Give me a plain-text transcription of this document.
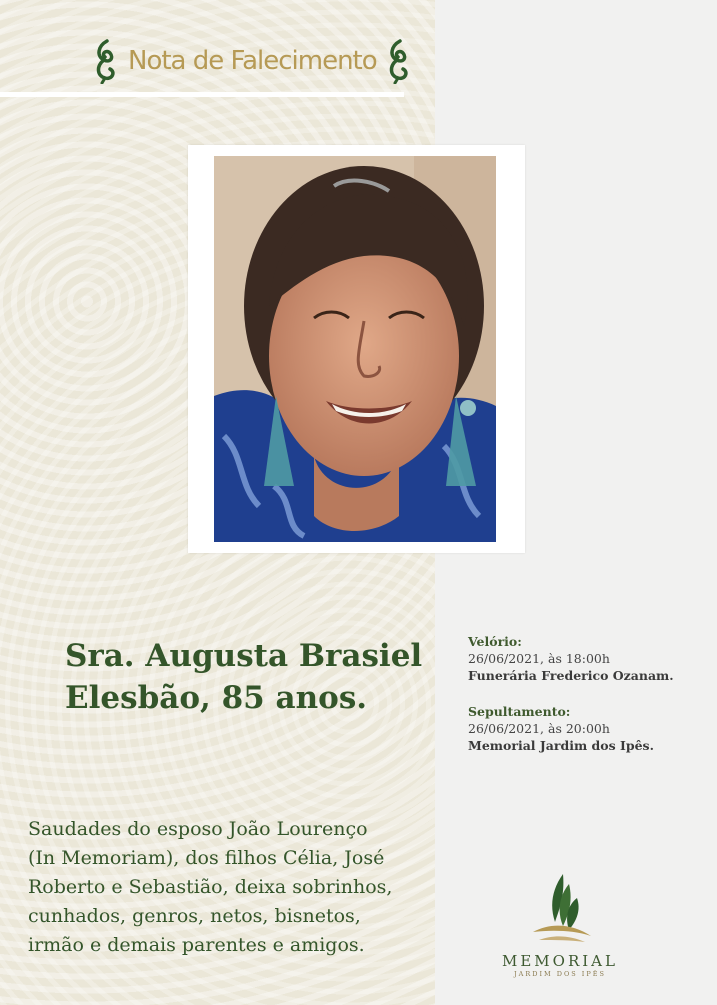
Nota de Falecimento
Sra. Augusta Brasiel
Elesbão, 85 anos.
Velório:
26/06/2021, às 18:00h
Funerária Frederico Ozanam.
Sepultamento:
26/06/2021, às 20:00h
Memorial Jardim dos Ipês.

Saudades do esposo João Lourenço
(In Memoriam), dos filhos Célia, José
Roberto e Sebastião, deixa sobrinhos,
cunhados, genros, netos, bisnetos,
irmão e demais parentes e amigos.

MEMORIAL
JARDIM DOS IPÊS
